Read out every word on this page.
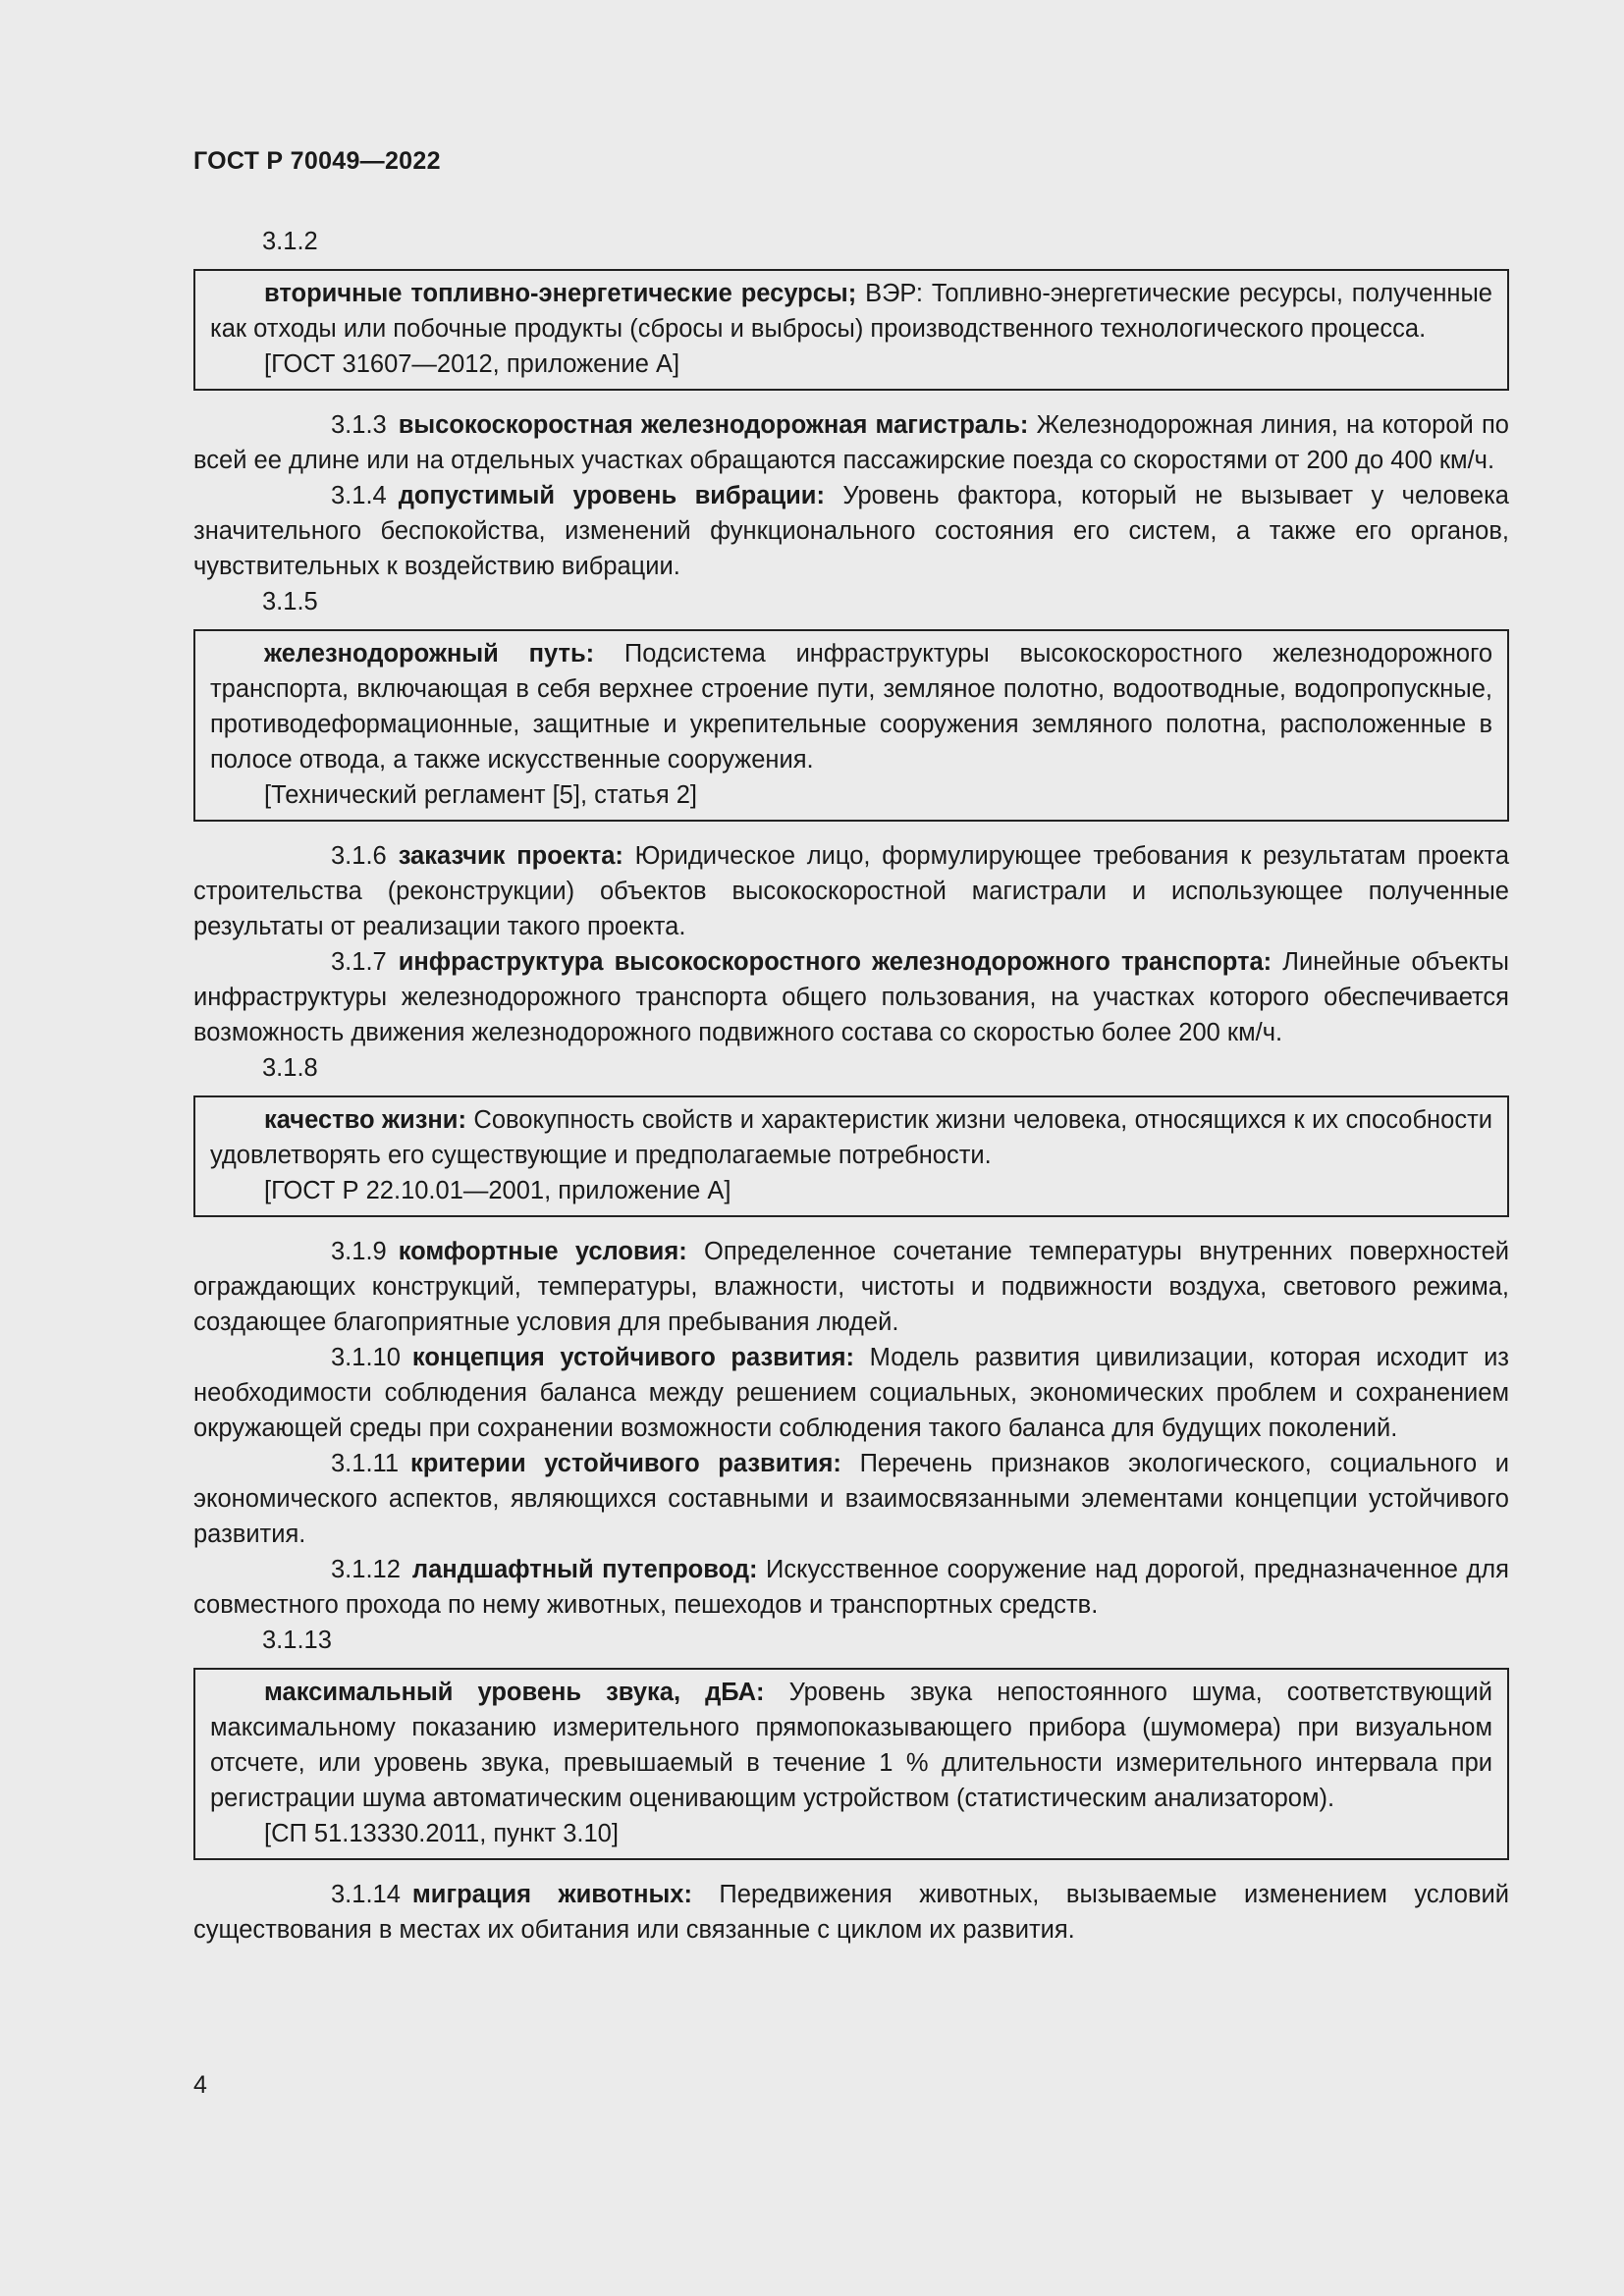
ГОСТ Р 70049—2022

3.1.2

вторичные топливно-энергетические ресурсы; ВЭР: Топливно-энергетические ресурсы, полученные как отходы или побочные продукты (сбросы и выбросы) производственного технологического процесса.

[ГОСТ 31607—2012, приложение А]

3.1.3 высокоскоростная железнодорожная магистраль: Железнодорожная линия, на которой по всей ее длине или на отдельных участках обращаются пассажирские поезда со скоростями от 200 до 400 км/ч.

3.1.4 допустимый уровень вибрации: Уровень фактора, который не вызывает у человека значительного беспокойства, изменений функционального состояния его систем, а также его органов, чувствительных к воздействию вибрации.

3.1.5

железнодорожный путь: Подсистема инфраструктуры высокоскоростного железнодорожного транспорта, включающая в себя верхнее строение пути, земляное полотно, водоотводные, водопропускные, противодеформационные, защитные и укрепительные сооружения земляного полотна, расположенные в полосе отвода, а также искусственные сооружения.

[Технический регламент [5], статья 2]

3.1.6 заказчик проекта: Юридическое лицо, формулирующее требования к результатам проекта строительства (реконструкции) объектов высокоскоростной магистрали и использующее полученные результаты от реализации такого проекта.

3.1.7 инфраструктура высокоскоростного железнодорожного транспорта: Линейные объекты инфраструктуры железнодорожного транспорта общего пользования, на участках которого обеспечивается возможность движения железнодорожного подвижного состава со скоростью более 200 км/ч.

3.1.8

качество жизни: Совокупность свойств и характеристик жизни человека, относящихся к их способности удовлетворять его существующие и предполагаемые потребности.

[ГОСТ Р 22.10.01—2001, приложение А]

3.1.9 комфортные условия: Определенное сочетание температуры внутренних поверхностей ограждающих конструкций, температуры, влажности, чистоты и подвижности воздуха, светового режима, создающее благоприятные условия для пребывания людей.

3.1.10 концепция устойчивого развития: Модель развития цивилизации, которая исходит из необходимости соблюдения баланса между решением социальных, экономических проблем и сохранением окружающей среды при сохранении возможности соблюдения такого баланса для будущих поколений.

3.1.11 критерии устойчивого развития: Перечень признаков экологического, социального и экономического аспектов, являющихся составными и взаимосвязанными элементами концепции устойчивого развития.

3.1.12 ландшафтный путепровод: Искусственное сооружение над дорогой, предназначенное для совместного прохода по нему животных, пешеходов и транспортных средств.

3.1.13

максимальный уровень звука, дБА: Уровень звука непостоянного шума, соответствующий максимальному показанию измерительного прямопоказывающего прибора (шумомера) при визуальном отсчете, или уровень звука, превышаемый в течение 1 % длительности измерительного интервала при регистрации шума автоматическим оценивающим устройством (статистическим анализатором).

[СП 51.13330.2011, пункт 3.10]

3.1.14 миграция животных: Передвижения животных, вызываемые изменением условий существования в местах их обитания или связанные с циклом их развития.

4
